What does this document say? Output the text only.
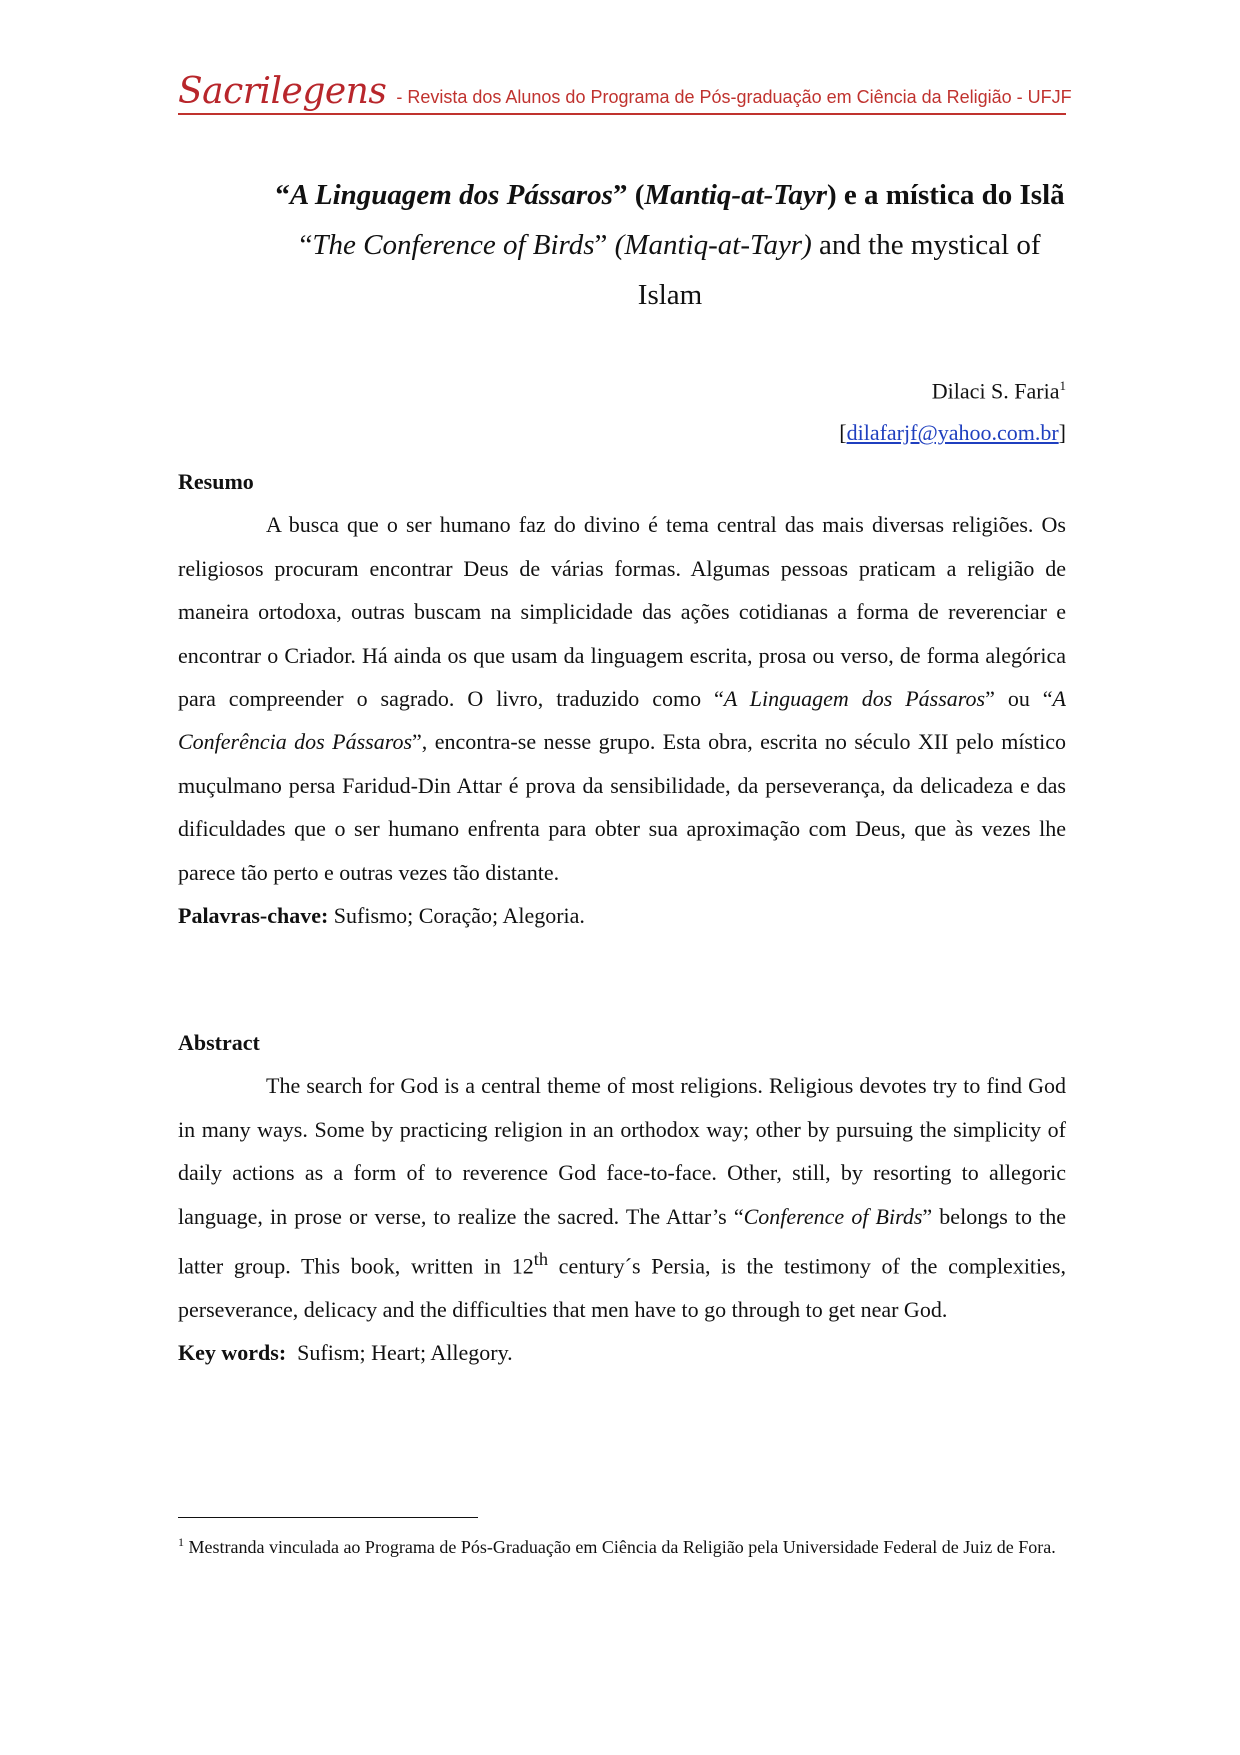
Sacrilegens - Revista dos Alunos do Programa de Pós-graduação em Ciência da Religião - UFJF
“A Linguagem dos Pássaros” (Mantiq-at-Tayr) e a mística do Islã
“The Conference of Birds” (Mantiq-at-Tayr) and the mystical of Islam
Dilaci S. Faria$^1$
[dilafarjf@yahoo.com.br]
Resumo

A busca que o ser humano faz do divino é tema central das mais diversas religiões. Os religiosos procuram encontrar Deus de várias formas. Algumas pessoas praticam a religião de maneira ortodoxa, outras buscam na simplicidade das ações cotidianas a forma de reverenciar e encontrar o Criador. Há ainda os que usam da linguagem escrita, prosa ou verso, de forma alegórica para compreender o sagrado. O livro, traduzido como “A Linguagem dos Pássaros” ou “A Conferência dos Pássaros”, encontra-se nesse grupo. Esta obra, escrita no século XII pelo místico muçulmano persa Faridud-Din Attar é prova da sensibilidade, da perseverança, da delicadeza e das dificuldades que o ser humano enfrenta para obter sua aproximação com Deus, que às vezes lhe parece tão perto e outras vezes tão distante.

Palavras-chave: Sufismo; Coração; Alegoria.
Abstract

The search for God is a central theme of most religions. Religious devotes try to find God in many ways. Some by practicing religion in an orthodox way; other by pursuing the simplicity of daily actions as a form of to reverence God face-to-face. Other, still, by resorting to allegoric language, in prose or verse, to realize the sacred. The Attar’s “Conference of Birds” belongs to the latter group. This book, written in 12th century´s Persia, is the testimony of the complexities, perseverance, delicacy and the difficulties that men have to go through to get near God.

Key words:  Sufism; Heart; Allegory.
$^1$ Mestranda vinculada ao Programa de Pós-Graduação em Ciência da Religião pela Universidade Federal de Juiz de Fora.
